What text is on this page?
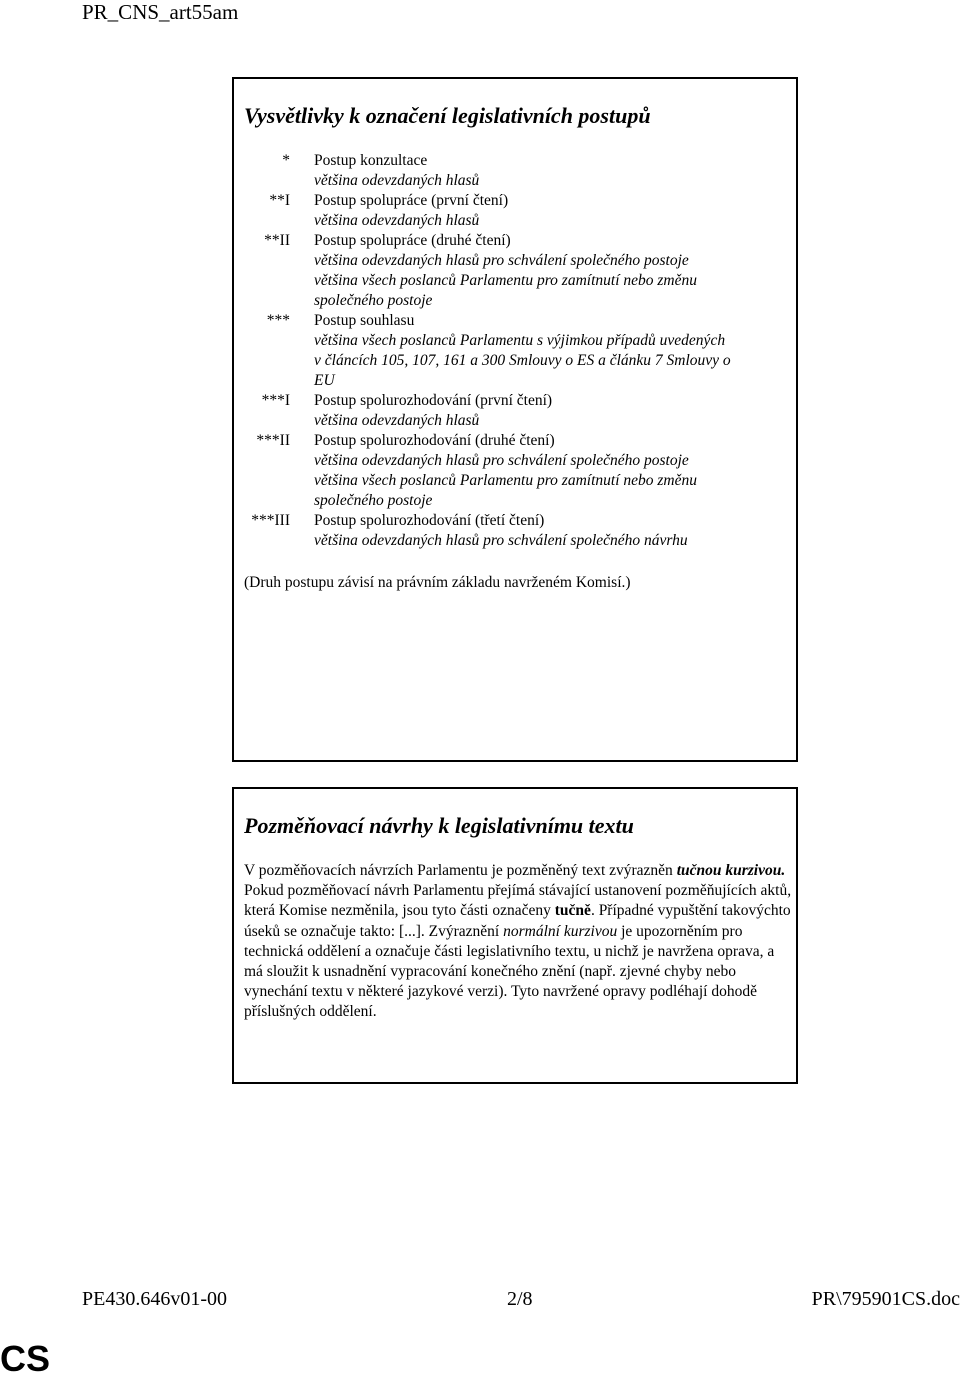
PR_CNS_art55am
Vysvětlivky k označení legislativních postupů
* Postup konzultace
většina odevzdaných hlasů
**I Postup spolupráce (první čtení)
většina odevzdaných hlasů
**II Postup spolupráce (druhé čtení)
většina odevzdaných hlasů pro schválení společného postoje
většina všech poslanců Parlamentu pro zamítnutí nebo změnu
společného postoje
*** Postup souhlasu
většina všech poslanců Parlamentu s výjimkou případů uvedených
v článcích 105, 107, 161 a 300 Smlouvy o ES a článku 7 Smlouvy o
EU
***I Postup spolurozhodování (první čtení)
většina odevzdaných hlasů
***II Postup spolurozhodování (druhé čtení)
většina odevzdaných hlasů pro schválení společného postoje
většina všech poslanců Parlamentu pro zamítnutí nebo změnu
společného postoje
***III Postup spolurozhodování (třetí čtení)
většina odevzdaných hlasů pro schválení společného návrhu
(Druh postupu závisí na právním základu navrženém Komisí.)
Pozměňovací návrhy k legislativnímu textu
V pozměňovacích návrzích Parlamentu je pozměněný text zvýrazněn tučnou kurzivou. Pokud pozměňovací návrh Parlamentu přejímá stávající ustanovení pozměňujících aktů, která Komise nezměnila, jsou tyto části označeny tučně. Případné vypuštění takovýchto úseků se označuje takto: [...]. Zvýraznění normální kurzivou je upozorněním pro technická oddělení a označuje části legislativního textu, u nichž je navržena oprava, a má sloužit k usnadnění vypracování konečného znění (např. zjevné chyby nebo vynechání textu v některé jazykové verzi). Tyto navržené opravy podléhají dohodě příslušných oddělení.
PE430.646v01-00	2/8	PR\795901CS.doc
CS
